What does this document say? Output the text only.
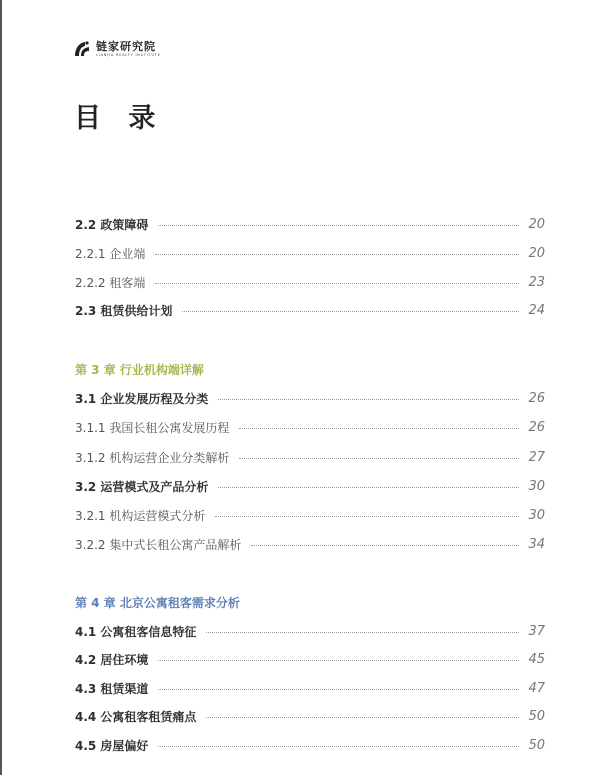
链家研究院
LIANJIA REALTY INSTITUTE
目 录
2.2 政策障碍	20
2.2.1 企业端	20
2.2.2 租客端	23
2.3 租赁供给计划	24
第 3 章 行业机构端详解
3.1 企业发展历程及分类	26
3.1.1 我国长租公寓发展历程	26
3.1.2 机构运营企业分类解析	27
3.2 运营模式及产品分析	30
3.2.1 机构运营模式分析	30
3.2.2 集中式长租公寓产品解析	34
第 4 章 北京公寓租客需求分析
4.1 公寓租客信息特征	37
4.2 居住环境	45
4.3 租赁渠道	47
4.4 公寓租客租赁痛点	50
4.5 房屋偏好	50
